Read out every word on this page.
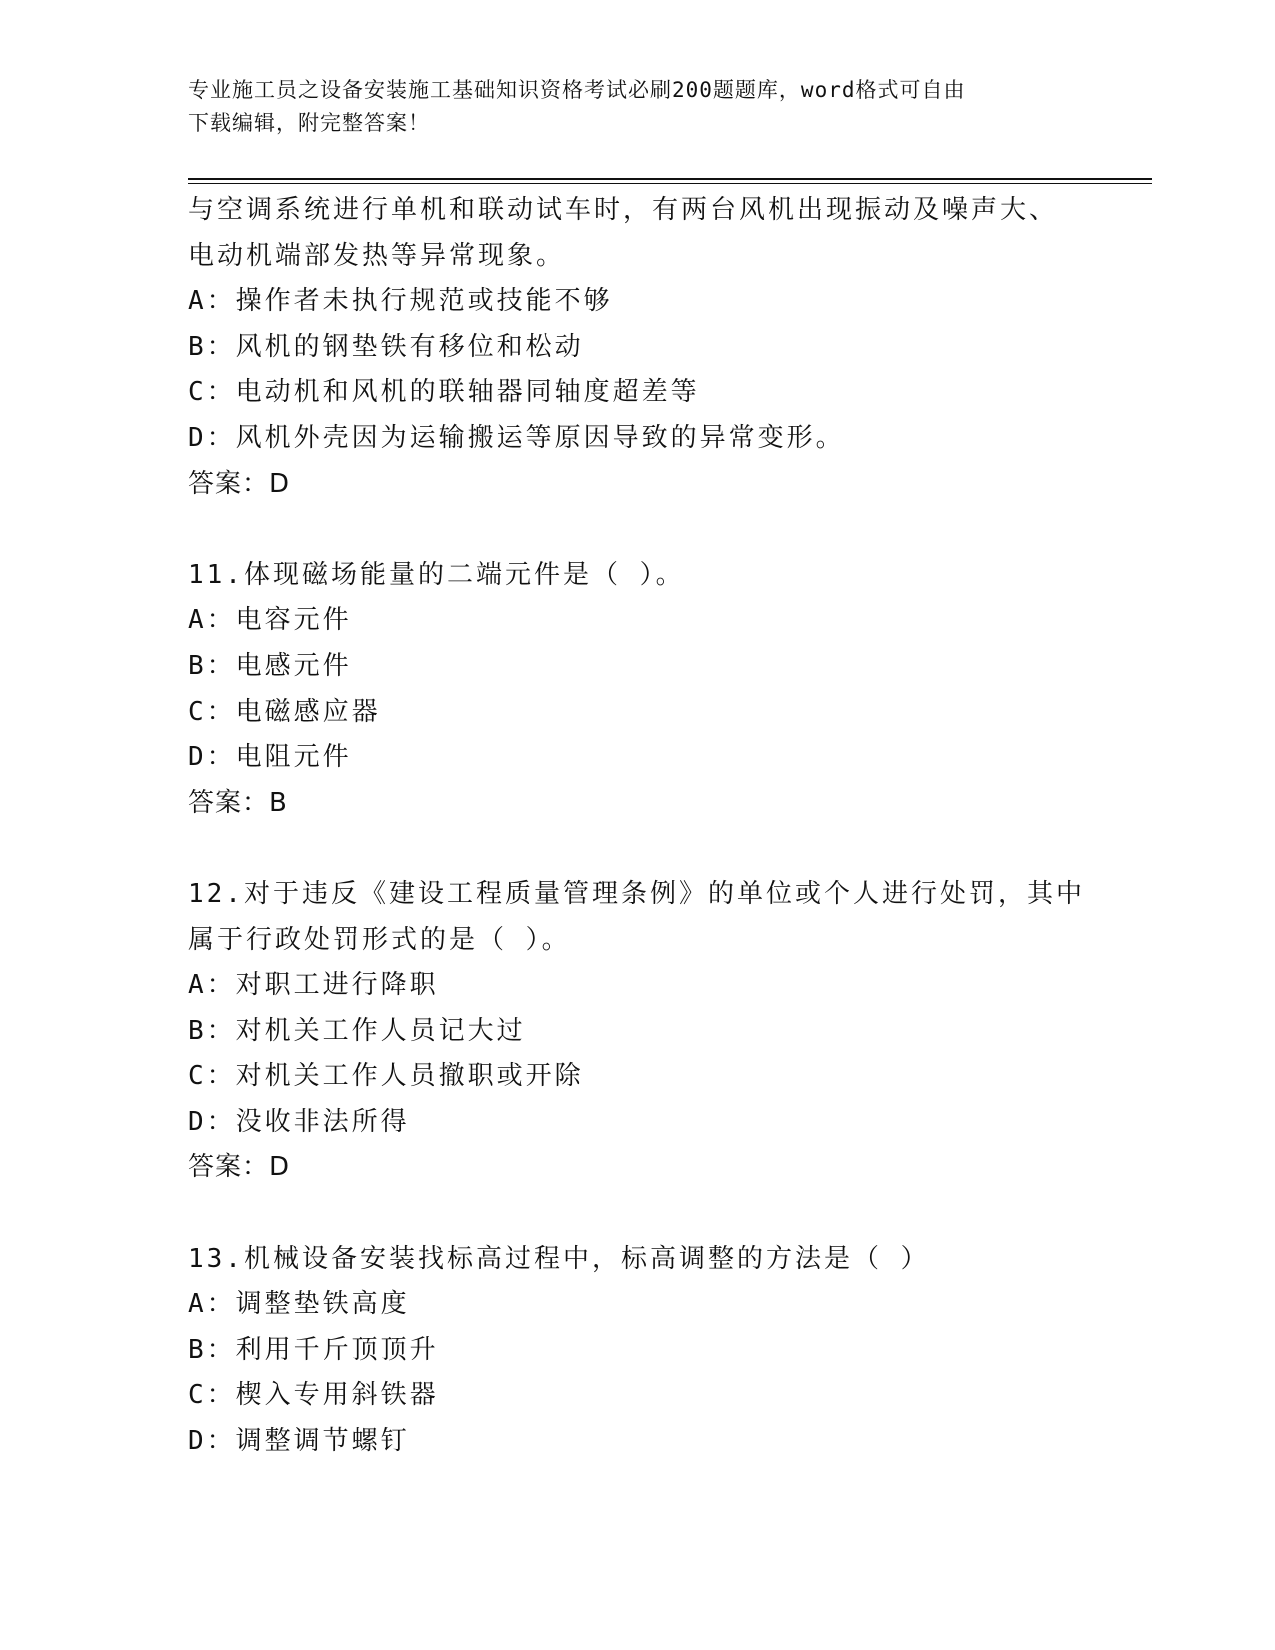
专业施工员之设备安装施工基础知识资格考试必刷200题题库，word格式可自由
下载编辑，附完整答案！
与空调系统进行单机和联动试车时，有两台风机出现振动及噪声大、
电动机端部发热等异常现象。
A：操作者未执行规范或技能不够
B：风机的钢垫铁有移位和松动
C：电动机和风机的联轴器同轴度超差等
D：风机外壳因为运输搬运等原因导致的异常变形。
答案：D
11.体现磁场能量的二端元件是（ ）。
A：电容元件
B：电感元件
C：电磁感应器
D：电阻元件
答案：B
12.对于违反《建设工程质量管理条例》的单位或个人进行处罚，其中
属于行政处罚形式的是（ ）。
A：对职工进行降职
B：对机关工作人员记大过
C：对机关工作人员撤职或开除
D：没收非法所得
答案：D
13.机械设备安装找标高过程中，标高调整的方法是（ ）
A：调整垫铁高度
B：利用千斤顶顶升
C：楔入专用斜铁器
D：调整调节螺钉
